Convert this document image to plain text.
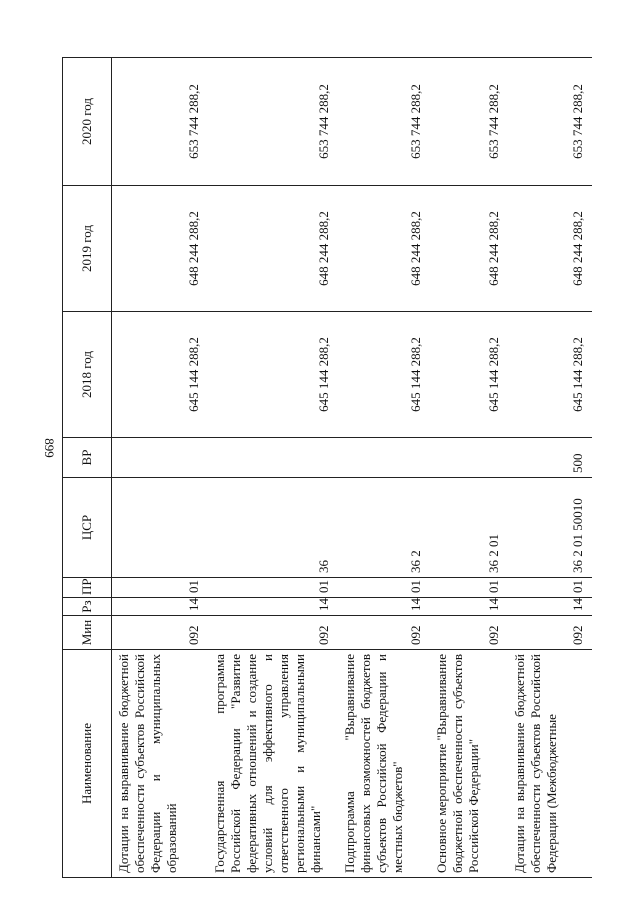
899
Наименование	Мин	Рз	ПР	ЦСР	ВР	2018 год	2019 год	2020 год
Дотации на выравнивание бюджетной обеспеченности субъектов Российской Федерации и муниципальных образований	092	14	01			645 144 288,2	648 244 288,2	653 744 288,2
Государственная программа Российской Федерации "Развитие федеративных отношений и создание условий для эффективного и ответственного управления региональными и муниципальными финансами"	092	14	01	36		645 144 288,2	648 244 288,2	653 744 288,2
Подпрограмма "Выравнивание финансовых возможностей бюджетов субъектов Российской Федерации и местных бюджетов"	092	14	01	36 2		645 144 288,2	648 244 288,2	653 744 288,2
Основное мероприятие "Выравнивание бюджетной обеспеченности субъектов Российской Федерации"	092	14	01	36 2 01		645 144 288,2	648 244 288,2	653 744 288,2
Дотации на выравнивание бюджетной обеспеченности субъектов Российской Федерации (Межбюджетные	092	14	01	36 2 01 50010	500	645 144 288,2	648 244 288,2	653 744 288,2
